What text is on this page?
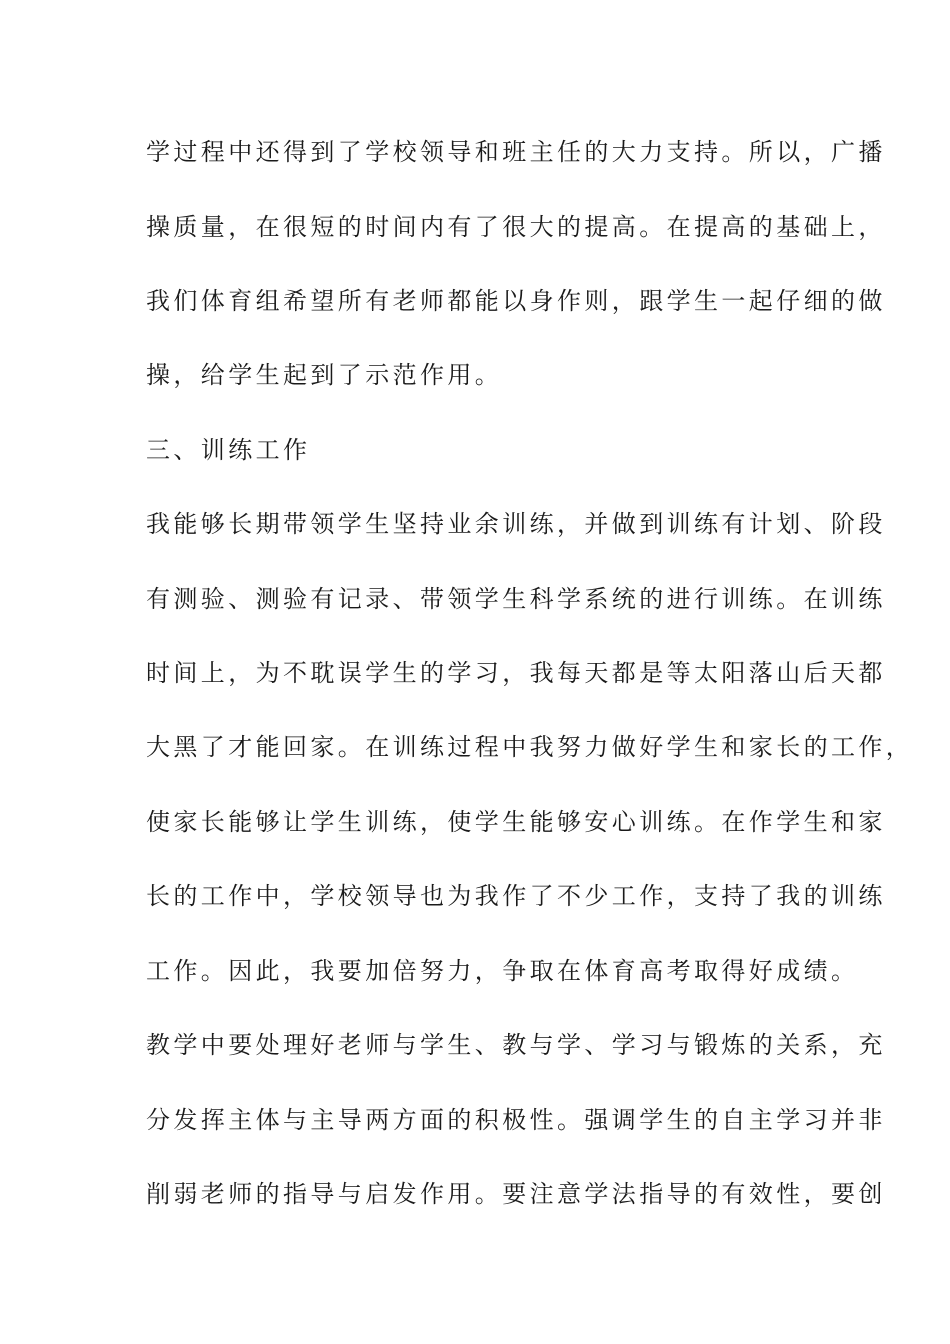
学过程中还得到了学校领导和班主任的大力支持。所以，广播

操质量，在很短的时间内有了很大的提高。在提高的基础上，

我们体育组希望所有老师都能以身作则，跟学生一起仔细的做

操，给学生起到了示范作用。

三、训练工作

我能够长期带领学生坚持业余训练，并做到训练有计划、阶段

有测验、测验有记录、带领学生科学系统的进行训练。在训练

时间上，为不耽误学生的学习，我每天都是等太阳落山后天都

大黑了才能回家。在训练过程中我努力做好学生和家长的工作，

使家长能够让学生训练，使学生能够安心训练。在作学生和家

长的工作中，学校领导也为我作了不少工作，支持了我的训练

工作。因此，我要加倍努力，争取在体育高考取得好成绩。

教学中要处理好老师与学生、教与学、学习与锻炼的关系，充

分发挥主体与主导两方面的积极性。强调学生的自主学习并非

削弱老师的指导与启发作用。要注意学法指导的有效性，要创
